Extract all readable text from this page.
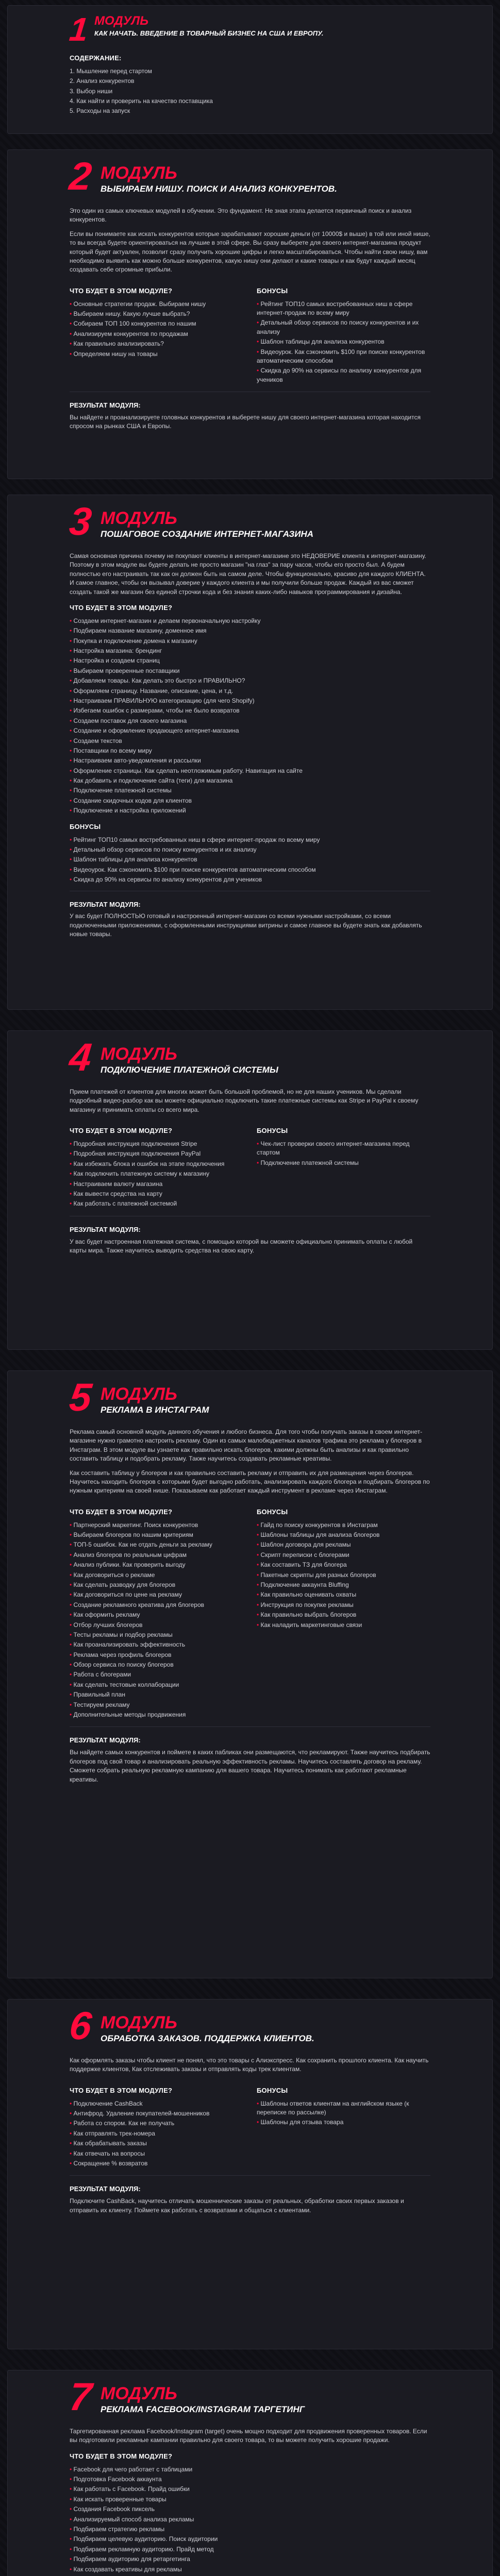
1 МОДУЛЬ
КАК НАЧАТЬ. ВВЕДЕНИЕ В ТОВАРНЫЙ БИЗНЕС НА США И ЕВРОПУ.
СОДЕРЖАНИЕ:
1. Мышление перед стартом
2. Анализ конкурентов
3. Выбор ниши
4. Как найти и проверить на качество поставщика
5. Расходы на запуск
2 МОДУЛЬ
ВЫБИРАЕМ НИШУ. ПОИСК И АНАЛИЗ КОНКУРЕНТОВ.

Это один из самых ключевых модулей в обучении. Это фундамент. Не зная этапа делается первичный поиск и анализ конкурентов.

Если вы понимаете как искать конкурентов которые зарабатывают хорошие деньги (от 10000$ и выше) в той или иной нише, то вы всегда будете ориентироваться на лучшие в этой сфере. Вы сразу выберете для своего интернет-магазина продукт который будет актуален, позволит сразу получить хорошие цифры и легко масштабироваться. Чтобы найти свою нишу, вам необходимо выявить как можно больше конкурентов, какую нишу они делают и какие товары и как будут каждый месяц создавать себе огромные прибыли.

ЧТО БУДЕТ В ЭТОМ МОДУЛЕ?
• Основные стратегии продаж. Выбираем нишу
• Выбираем нишу. Какую лучше выбрать?
• Собираем ТОП 100 конкурентов по нашим
• Анализируем конкурентов по продажам
• Как правильно анализировать?
• Определяем нишу на товары
БОНУСЫ
• Рейтинг ТОП10 самых востребованных ниш в сфере интернет-продаж по всему миру
• Детальный обзор сервисов по поиску конкурентов и их анализу
• Шаблон таблицы для анализа конкурентов
• Видеоурок. Как сэкономить $100 при поиске конкурентов автоматическим способом
• Скидка до 90% на сервисы по анализу конкурентов для учеников
РЕЗУЛЬТАТ МОДУЛЯ:

Вы найдете и проанализируете головных конкурентов и выберете нишу для своего интернет-магазина которая находится спросом на рынках США и Европы.

3 МОДУЛЬ
ПОШАГОВОЕ СОЗДАНИЕ ИНТЕРНЕТ-МАГАЗИНА

Самая основная причина почему не покупают клиенты в интернет-магазине это НЕДОВЕРИЕ клиента к интернет-магазину. Поэтому в этом модуле вы будете делать не просто магазин "на глаз" за пару часов, чтобы его просто был. А будем полностью его настраивать так как он должен быть на самом деле. Чтобы функционально, красиво для каждого КЛИЕНТА. И самое главное, чтобы он вызывал доверие у каждого клиента и мы получили больше продаж. Каждый из вас сможет создать такой же магазин без единой строчки кода и без знания каких-либо навыков программирования и дизайна.

ЧТО БУДЕТ В ЭТОМ МОДУЛЕ?
• Создаем интернет-магазин и делаем первоначальную настройку
• Подбираем название магазину, доменное имя
• Покупка и подключение домена к магазину
• Настройка магазина: брендинг
• Настройка и создаем страниц
• Выбираем проверенные поставщики
• Добавляем товары. Как делать это быстро и ПРАВИЛЬНО?
• Оформляем страницу. Название, описание, цена, и т.д.
• Настраиваем ПРАВИЛЬНУЮ категоризацию (для чего Shopify)
• Избегаем ошибок с размерами, чтобы не было возвратов
• Создаем поставок для своего магазина
• Создание и оформление продающего интернет-магазина
• Создаем текстов
• Поставщики по всему миру
• Настраиваем авто-уведомления и рассылки
• Оформление страницы. Как сделать неотложимым работу. Навигация на сайте
• Как добавить и подключение сайта (теги) для магазина
• Подключение платежной системы
• Создание скидочных кодов для клиентов
• Подключение и настройка приложений
БОНУСЫ
• Рейтинг ТОП10 самых востребованных ниш в сфере интернет-продаж по всему миру
• Детальный обзор сервисов по поиску конкурентов и их анализу
• Шаблон таблицы для анализа конкурентов
• Видеоурок. Как сэкономить $100 при поиске конкурентов автоматическим способом
• Скидка до 90% на сервисы по анализу конкурентов для учеников
РЕЗУЛЬТАТ МОДУЛЯ:

У вас будет ПОЛНОСТЬЮ готовый и настроенный интернет-магазин со всеми нужными настройками, со всеми подключенными приложениями, с оформленными инструкциями витрины и самое главное вы будете знать как добавлять новые товары.

4 МОДУЛЬ
ПОДКЛЮЧЕНИЕ ПЛАТЕЖНОЙ СИСТЕМЫ

Прием платежей от клиентов для многих может быть большой проблемой, но не для наших учеников. Мы сделали подробный видео-разбор как вы можете официально подключить такие платежные системы как Stripe и PayPal к своему магазину и принимать оплаты со всего мира.

ЧТО БУДЕТ В ЭТОМ МОДУЛЕ?
• Подробная инструкция подключения Stripe
• Подробная инструкция подключения PayPal
• Как избежать блока и ошибок на этапе подключения
• Как подключить платежную систему к магазину
• Настраиваем валюту магазина
• Как вывести средства на карту
• Как работать с платежной системой
БОНУСЫ
• Чек-лист проверки своего интернет-магазина перед стартом
• Подключение платежной системы
РЕЗУЛЬТАТ МОДУЛЯ:

У вас будет настроенная платежная система, с помощью которой вы сможете официально принимать оплаты с любой карты мира. Также научитесь выводить средства на свою карту.

5 МОДУЛЬ
РЕКЛАМА В ИНСТАГРАМ

Реклама самый основной модуль данного обучения и любого бизнеса. Для того чтобы получать заказы в своем интернет-магазине нужно грамотно настроить рекламу. Один из самых малобюджетных каналов трафика это реклама у блогеров в Инстаграм. В этом модуле вы узнаете как правильно искать блогеров, какими должны быть анализы и как правильно составить таблицу и подобрать рекламу. Также научитесь создавать рекламные креативы.

Как составить таблицу у блогеров и как правильно составить рекламу и отправить их для размещения через блогеров. Научитесь находить блогеров с которыми будет выгодно работать, анализировать каждого блогера и подбирать блогеров по нужным критериям на своей нише. Показываем как работает каждый инструмент в рекламе через Инстаграм.

ЧТО БУДЕТ В ЭТОМ МОДУЛЕ?
• Партнерский маркетинг. Поиск конкурентов
• Выбираем блогеров по нашим критериям
• ТОП-5 ошибок. Как не отдать деньги за рекламу
• Анализ блогеров по реальным цифрам
• Анализ публики. Как проверить выгоду
• Как договориться о рекламе
• Как сделать разводку для блогеров
• Как договориться по цене на рекламу
• Создание рекламного креатива для блогеров
• Как оформить рекламу
• Отбор лучших блогеров
• Тесты рекламы и подбор рекламы
• Как проанализировать эффективность
• Реклама через профиль блогеров
• Обзор сервиса по поиску блогеров
• Работа с блогерами
• Как сделать тестовые коллаборации
• Правильный план
• Тестируем рекламу
• Дополнительные методы продвижения
БОНУСЫ
• Гайд по поиску конкурентов в Инстаграм
• Шаблоны таблицы для анализа блогеров
• Шаблон договора для рекламы
• Скрипт переписки с блогерами
• Как составить ТЗ для блогера
• Пакетные скрипты для разных блогеров
• Подключение аккаунта Bluffing
• Как правильно оценивать охваты
• Инструкция по покупке рекламы
• Как правильно выбрать блогеров
• Как наладить маркетинговые связи
РЕЗУЛЬТАТ МОДУЛЯ:

Вы найдете самых конкурентов и поймете в каких пабликах они размещаются, что рекламируют. Также научитесь подбирать блогеров под свой товар и анализировать реальную эффективность рекламы. Научитесь составлять договор на рекламу. Сможете собрать реальную рекламную кампанию для вашего товара. Научитесь понимать как работают рекламные креативы.

6 МОДУЛЬ
ОБРАБОТКА ЗАКАЗОВ. ПОДДЕРЖКА КЛИЕНТОВ.

Как оформлять заказы чтобы клиент не понял, что это товары с Алиэкспресс. Как сохранить прошлого клиента. Как научить поддержке клиентов, Как отслеживать заказы и отправлять коды трек клиентам.

ЧТО БУДЕТ В ЭТОМ МОДУЛЕ?
• Подключение CashBack
• Антифрод. Удаление покупателей-мошенников
• Работа со спором. Как не получать
• Как отправлять трек-номера
• Как обрабатывать заказы
• Как отвечать на вопросы
• Сокращение % возвратов
БОНУСЫ
• Шаблоны ответов клиентам на английском языке (к переписке по рассылке)
• Шаблоны для отзыва товара
РЕЗУЛЬТАТ МОДУЛЯ:

Подключите CashBack, научитесь отличать мошеннические заказы от реальных, обработки своих первых заказов и отправить их клиенту. Поймете как работать с возвратами и общаться с клиентами.

7 МОДУЛЬ
РЕКЛАМА FACEBOOK/INSTAGRAM ТАРГЕТИНГ

Таргетированная реклама Facebook/Instagram (target) очень мощно подходит для продвижения проверенных товаров. Если вы подготовили рекламные кампании правильно для своего товара, то вы можете получить хорошие продажи.

ЧТО БУДЕТ В ЭТОМ МОДУЛЕ?
• Facebook для чего работает с таблицами
• Подготовка Facebook аккаунта
• Как работать с Facebook. Прайд ошибки
• Как искать проверенные товары
• Создания Facebook пиксель
• Анализируемый способ анализа рекламы
• Подбираем стратегию рекламы
• Подбираем целевую аудиторию. Поиск аудитории
• Подбираем рекламную аудиторию. Прайд метод
• Подбираем аудиторию для ретаргетинга
• Как создавать креативы для рекламы
•
